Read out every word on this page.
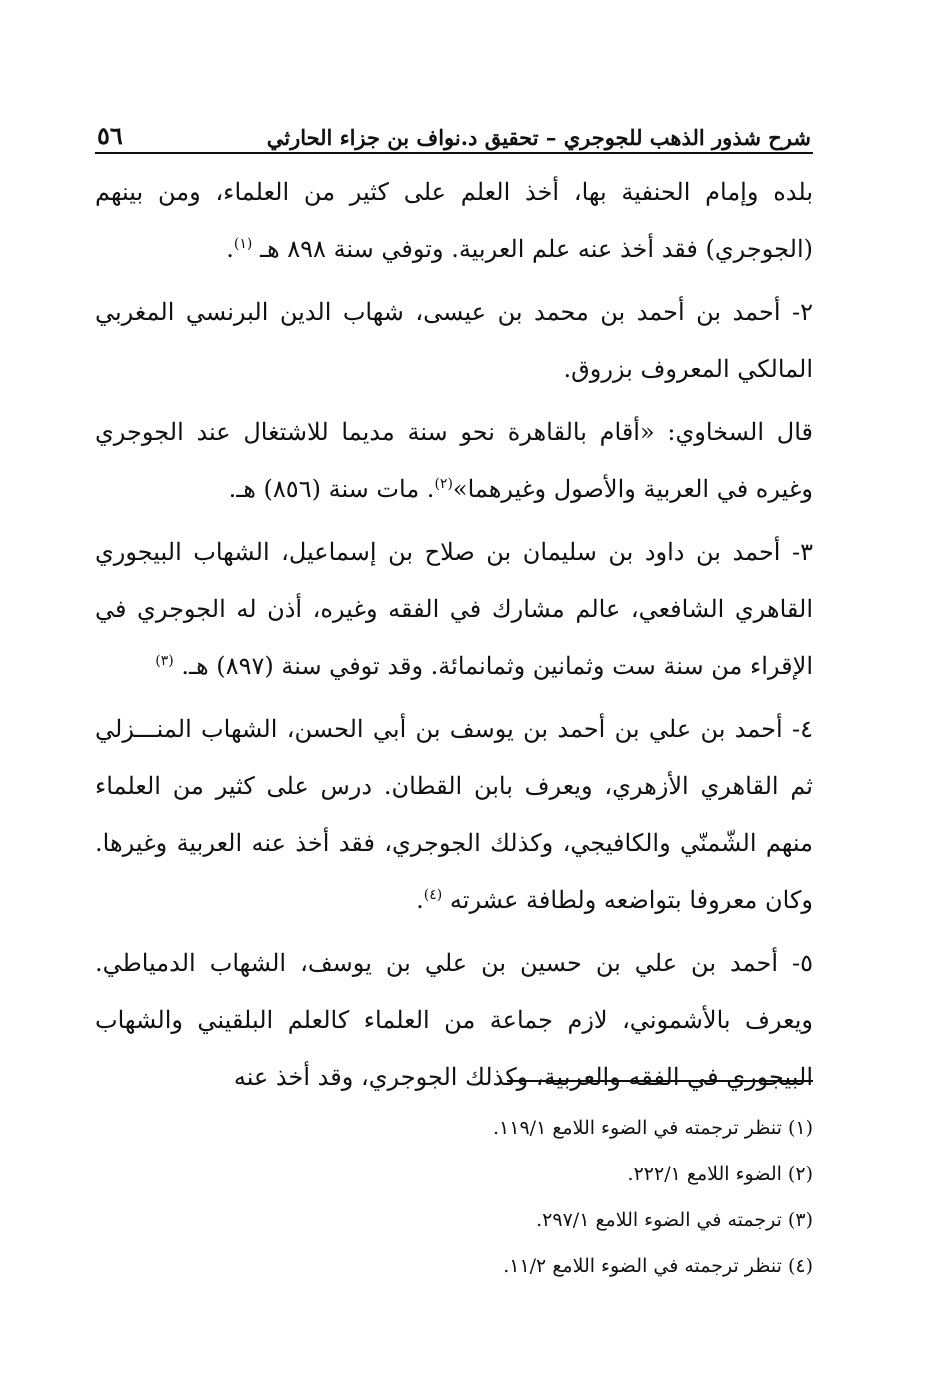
شرح شذور الذهب للجوجري – تحقيق د.نواف بن جزاء الحارثي
٥٦

بلده وإمام الحنفية بها، أخذ العلم على كثير من العلماء، ومن بينهم (الجوجري) فقد أخذ عنه علم العربية. وتوفي سنة ٨٩٨ هـ $^{(١)}$.

٢- أحمد بن أحمد بن محمد بن عيسى، شهاب الدين البرنسي المغربي المالكي المعروف بزروق.

قال السخاوي: «أقام بالقاهرة نحو سنة مديما للاشتغال عند الجوجري وغيره في العربية والأصول وغيرهما»$^{(٢)}$. مات سنة (٨٥٦) هـ.

٣- أحمد بن داود بن سليمان بن صلاح بن إسماعيل، الشهاب البيجوري القاهري الشافعي، عالم مشارك في الفقه وغيره، أذن له الجوجري في الإقراء من سنة ست وثمانين وثمانمائة. وقد توفي سنة (٨٩٧) هـ. $^{(٣)}$

٤- أحمد بن علي بن أحمد بن يوسف بن أبي الحسن، الشهاب المنـــزلي ثم القاهري الأزهري، ويعرف بابن القطان. درس على كثير من العلماء منهم الشّمنّي والكافيجي، وكذلك الجوجري، فقد أخذ عنه العربية وغيرها. وكان معروفا بتواضعه ولطافة عشرته $^{(٤)}$.

٥- أحمد بن علي بن حسين بن علي بن يوسف، الشهاب الدمياطي. ويعرف بالأشموني، لازم جماعة من العلماء كالعلم البلقيني والشهاب البيجوري في الفقه والعربية، وكذلك الجوجري، وقد أخذ عنه

(١) تنظر ترجمته في الضوء اللامع ١١٩/١.

(٢) الضوء اللامع ٢٢٢/١.

(٣) ترجمته في الضوء اللامع ٢٩٧/١.

(٤) تنظر ترجمته في الضوء اللامع ١١/٢.
